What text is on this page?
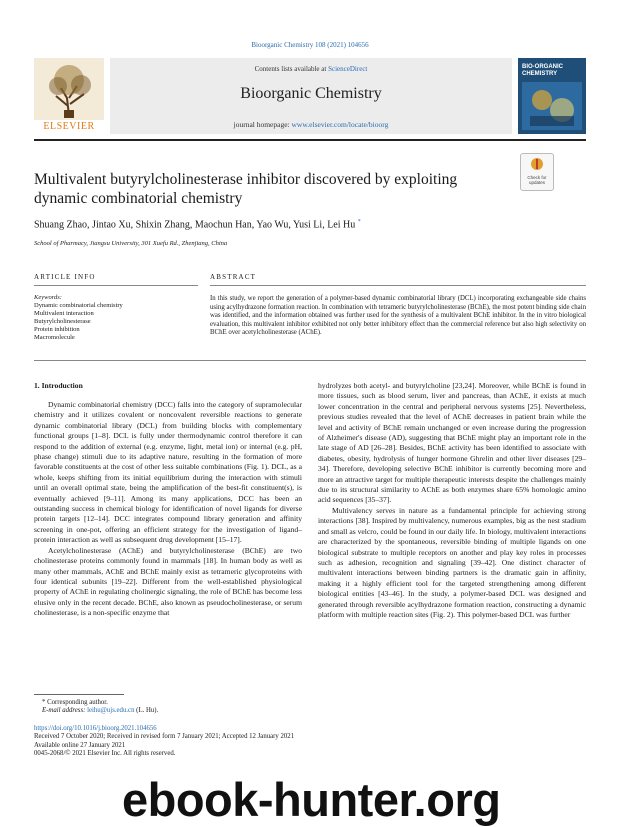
Bioorganic Chemistry 108 (2021) 104656
ELSEVIER
Contents lists available at ScienceDirect
Bioorganic Chemistry
journal homepage: www.elsevier.com/locate/bioorg
BIO-ORGANIC CHEMISTRY
Multivalent butyrylcholinesterase inhibitor discovered by exploiting dynamic combinatorial chemistry
Check for updates
Shuang Zhao, Jintao Xu, Shixin Zhang, Maochun Han, Yao Wu, Yusi Li, Lei Hu *
School of Pharmacy, Jiangsu University, 301 Xuefu Rd., Zhenjiang, China
ARTICLE INFO	ABSTRACT
Keywords:
Dynamic combinatorial chemistry
Multivalent interaction
Butyrylcholinesterase
Protein inhibition
Macromolecule
In this study, we report the generation of a polymer-based dynamic combinatorial library (DCL) incorporating exchangeable side chains using acylhydrazone formation reaction. In combination with tetrameric butyrylcholinesterase (BChE), the most potent binding side chain was identified, and the information obtained was further used for the synthesis of a multivalent BChE inhibitor. In the in vitro biological evaluation, this multivalent inhibitor exhibited not only better inhibitory effect than the commercial reference but also high selectivity on BChE over acetylcholinesterase (AChE).
1. Introduction

Dynamic combinatorial chemistry (DCC) falls into the category of supramolecular chemistry and it utilizes covalent or noncovalent reversible reactions to generate dynamic combinatorial library (DCL) from building blocks with complementary functional groups [1–8]. DCL is fully under thermodynamic control therefore it can respond to the addition of external (e.g. enzyme, light, metal ion) or internal (e.g. pH, phase change) stimuli due to its adaptive nature, resulting in the formation of more favorable constituents at the cost of other less suitable combinations (Fig. 1). DCL, as a whole, keeps shifting from its initial equilibrium during the interaction with stimuli until an overall optimal state, being the amplification of the best-fit constituent(s), is eventually achieved [9–11]. Among its many applications, DCC has been an outstanding success in chemical biology for identification of novel ligands for diverse protein targets [12–14]. DCC integrates compound library generation and affinity screening in one-pot, offering an efficient strategy for the investigation of ligand–protein interaction as well as subsequent drug development [15–17].

Acetylcholinesterase (AChE) and butyrylcholinesterase (BChE) are two cholinesterase proteins commonly found in mammals [18]. In human body as well as many other mammals, AChE and BChE mainly exist as tetrameric glycoproteins with four identical subunits [19–22]. Different from the well-established physiological property of AChE in regulating cholinergic signaling, the role of BChE has become less elusive only in the recent decade. BChE, also known as pseudocholinesterase, or serum cholinesterase, is a non-specific enzyme that

hydrolyzes both acetyl- and butyrylcholine [23,24]. Moreover, while BChE is found in more tissues, such as blood serum, liver and pancreas, than AChE, it exists at much lower concentration in the central and peripheral nervous systems [25]. Nevertheless, previous studies revealed that the level of AChE decreases in patient brain while the level and activity of BChE remain unchanged or even increase during the progression of Alzheimer's disease (AD), suggesting that BChE might play an important role in the late stage of AD [26–28]. Besides, BChE activity has been identified to associate with diabetes, obesity, hydrolysis of hunger hormone Ghrelin and other liver diseases [29–34]. Therefore, developing selective BChE inhibitor is currently becoming more and more an attractive target for multiple therapeutic interests despite the challenges mainly due to its structural similarity to AChE as both enzymes share 65% homologic amino acid sequences [35–37].

Multivalency serves in nature as a fundamental principle for achieving strong interactions [38]. Inspired by multivalency, numerous examples, big as the nest stadium and small as velcro, could be found in our daily life. In biology, multivalent interactions are characterized by the spontaneous, reversible binding of multiple ligands on one biological substrate to multiple receptors on another and play key roles in processes such as adhesion, recognition and signaling [39–42]. One distinct character of multivalent interactions between binding partners is the dramatic gain in affinity, making it a highly efficient tool for the targeted strengthening among different biological entities [43–46]. In the study, a polymer-based DCL was designed and generated through reversible acylhydrazone formation reaction, constructing a dynamic platform with multiple reaction sites (Fig. 2). This polymer-based DCL was further

* Corresponding author.
E-mail address: leihu@ujs.edu.cn (L. Hu).
https://doi.org/10.1016/j.bioorg.2021.104656
Received 7 October 2020; Received in revised form 7 January 2021; Accepted 12 January 2021
Available online 27 January 2021
0045-2068/© 2021 Elsevier Inc. All rights reserved.
ebook-hunter.org
